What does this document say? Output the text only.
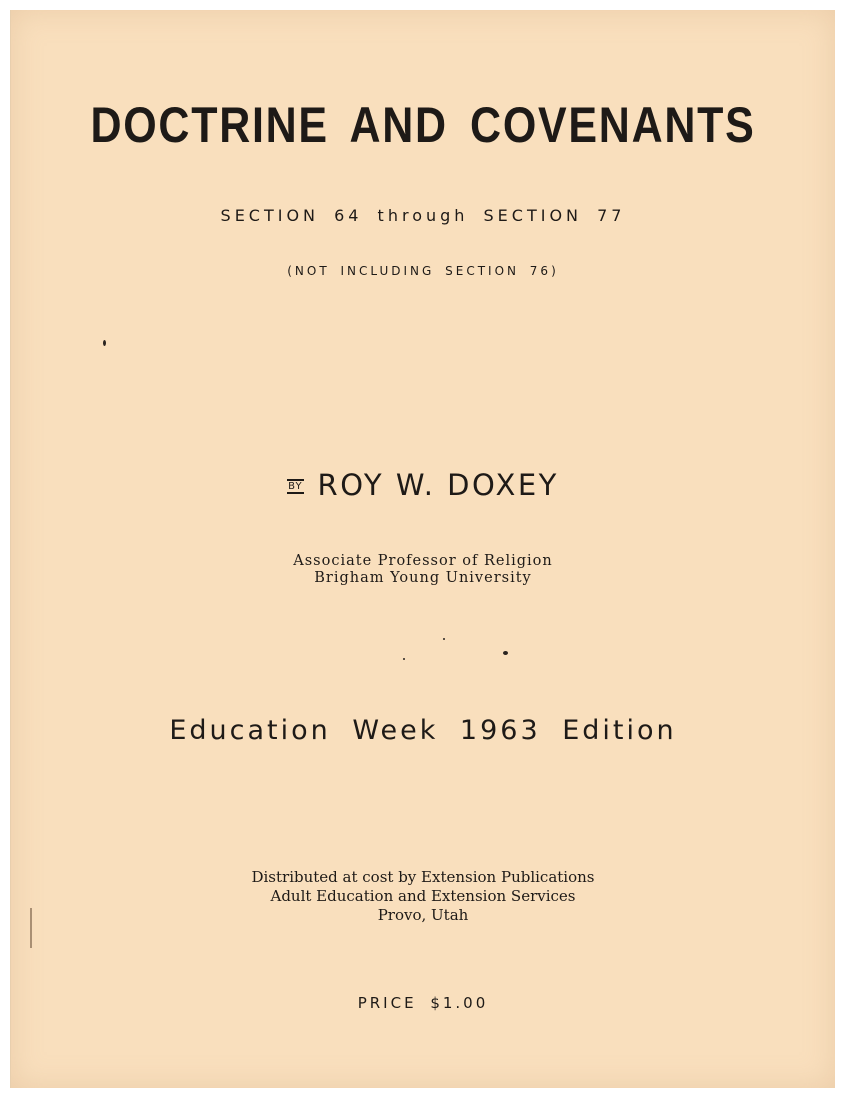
DOCTRINE AND COVENANTS
SECTION 64 through SECTION 77
(NOT INCLUDING SECTION 76)
BY ROY W. DOXEY
Associate Professor of Religion
Brigham Young University
Education Week 1963 Edition
Distributed at cost by Extension Publications
Adult Education and Extension Services
Provo, Utah
PRICE $1.00
